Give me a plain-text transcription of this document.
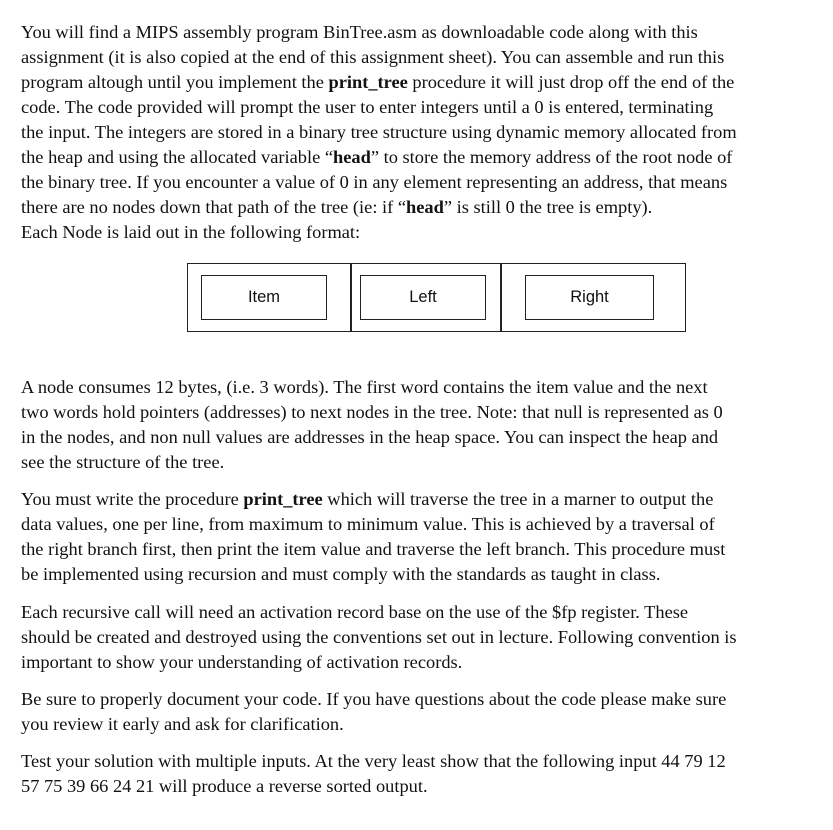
You will find a MIPS assembly program BinTree.asm as downloadable code along with this
assignment (it is also copied at the end of this assignment sheet). You can assemble and run this
program altough until you implement the print_tree procedure it will just drop off the end of the
code. The code provided will prompt the user to enter integers until a 0 is entered, terminating
the input. The integers are stored in a binary tree structure using dynamic memory allocated from
the heap and using the allocated variable “head” to store the memory address of the root node of
the binary tree. If you encounter a value of 0 in any element representing an address, that means
there are no nodes down that path of the tree (ie: if “head” is still 0 the tree is empty).
Each Node is laid out in the following format:
Item	Left	Right
A node consumes 12 bytes, (i.e. 3 words). The first word contains the item value and the next
two words hold pointers (addresses) to next nodes in the tree. Note: that null is represented as 0
in the nodes, and non null values are addresses in the heap space. You can inspect the heap and
see the structure of the tree.
You must write the procedure print_tree which will traverse the tree in a marner to output the
data values, one per line, from maximum to minimum value. This is achieved by a traversal of
the right branch first, then print the item value and traverse the left branch. This procedure must
be implemented using recursion and must comply with the standards as taught in class.
Each recursive call will need an activation record base on the use of the $fp register. These
should be created and destroyed using the conventions set out in lecture. Following convention is
important to show your understanding of activation records.
Be sure to properly document your code. If you have questions about the code please make sure
you review it early and ask for clarification.
Test your solution with multiple inputs. At the very least show that the following input 44 79 12
57 75 39 66 24 21 will produce a reverse sorted output.
